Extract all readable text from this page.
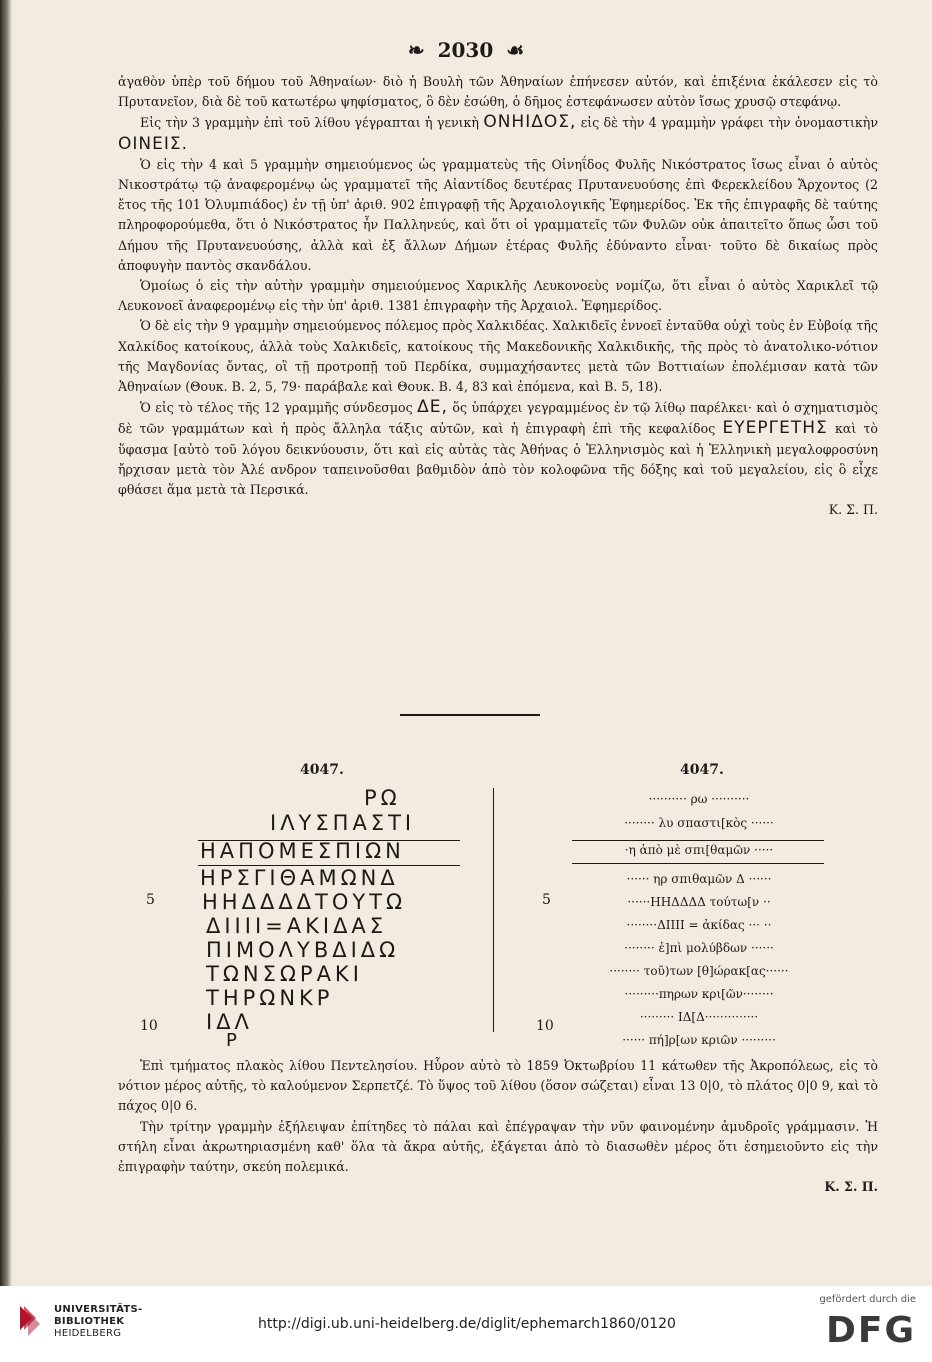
❧ 2030 ☙

ἀγαθὸν ὑπὲρ τοῦ δήμου τοῦ Ἀθηναίων· διὸ ἡ Βουλὴ τῶν Ἀθηναίων ἐπήνεσεν αὐτόν, καὶ ἐπιξένια ἐκάλεσεν εἰς τὸ Πρυτανεῖον, διὰ δὲ τοῦ κατωτέρω ψηφίσματος, ὃ δὲν ἐσώθη, ὁ δῆμος ἐστεφάνωσεν αὐτὸν ἴσως χρυσῷ στεφάνῳ.

Εἰς τὴν 3 γραμμὴν ἐπὶ τοῦ λίθου γέγραπται ἡ γενικὴ ΟΝΗΙΔΟΣ, εἰς δὲ τὴν 4 γραμμὴν γράφει τὴν ὀνομαστικὴν ΟΙΝΕΙΣ.

Ὁ εἰς τὴν 4 καὶ 5 γραμμὴν σημειούμενος ὡς γραμματεὺς τῆς Οἰνηΐδος Φυλῆς Νικόστρατος ἴσως εἶναι ὁ αὐτὸς Νικοστράτῳ τῷ ἀναφερομένῳ ὡς γραμματεῖ τῆς Αἰαντίδος δευτέρας Πρυτανευούσης ἐπὶ Φερεκλείδου Ἄρχοντος (2 ἔτος τῆς 101 Ὀλυμπιάδος) ἐν τῇ ὑπ' ἀριθ. 902 ἐπιγραφῇ τῆς Ἀρχαιολογικῆς Ἐφημερίδος. Ἐκ τῆς ἐπιγραφῆς δὲ ταύτης πληροφορούμεθα, ὅτι ὁ Νικόστρατος ἦν Παλληνεύς, καὶ ὅτι οἱ γραμματεῖς τῶν Φυλῶν οὐκ ἀπαιτεῖτο ὅπως ὦσι τοῦ Δήμου τῆς Πρυτανευούσης, ἀλλὰ καὶ ἐξ ἄλλων Δήμων ἑτέρας Φυλῆς ἐδύναντο εἶναι· τοῦτο δὲ δικαίως πρὸς ἀποφυγὴν παντὸς σκανδάλου.

Ὁμοίως ὁ εἰς τὴν αὐτὴν γραμμὴν σημειούμενος Χαρικλῆς Λευκονοεὺς νομίζω, ὅτι εἶναι ὁ αὐτὸς Χαρικλεῖ τῷ Λευκονοεῖ ἀναφερομένῳ εἰς τὴν ὑπ' ἀριθ. 1381 ἐπιγραφὴν τῆς Ἀρχαιολ. Ἐφημερίδος.

Ὁ δὲ εἰς τὴν 9 γραμμὴν σημειούμενος πόλεμος πρὸς Χαλκιδέας. Χαλκιδεῖς ἐννοεῖ ἐνταῦθα οὐχὶ τοὺς ἐν Εὐβοίᾳ τῆς Χαλκίδος κατοίκους, ἀλλὰ τοὺς Χαλκιδεῖς, κατοίκους τῆς Μακεδονικῆς Χαλκιδικῆς, τῆς πρὸς τὸ ἀνατολικο-νότιον τῆς Μαγδονίας ὄντας, οἳ τῇ προτροπῇ τοῦ Περδίκα, συμμαχήσαντες μετὰ τῶν Βοττιαίων ἐπολέμισαν κατὰ τῶν Ἀθηναίων (Θουκ. Β. 2, 5, 79· παράβαλε καὶ Θουκ. Β. 4, 83 καὶ ἑπόμενα, καὶ Β. 5, 18).

Ὁ εἰς τὸ τέλος τῆς 12 γραμμῆς σύνδεσμος ΔΕ, ὅς ὑπάρχει γεγραμμένος ἐν τῷ λίθῳ παρέλκει· καὶ ὁ σχηματισμὸς δὲ τῶν γραμμάτων καὶ ἡ πρὸς ἄλληλα τάξις αὐτῶν, καὶ ἡ ἐπιγραφὴ ἐπὶ τῆς κεφαλίδος ΕΥΕΡΓΕΤΗΣ καὶ τὸ ὕφασμα [αὐτὸ τοῦ λόγου δεικνύουσιν, ὅτι καὶ εἰς αὐτὰς τὰς Ἀθήνας ὁ Ἑλληνισμὸς καὶ ἡ Ἑλληνικὴ μεγαλοφροσύνη ἤρχισαν μετὰ τὸν Ἀλέ ανδρον ταπεινοῦσθαι βαθμιδὸν ἀπὸ τὸν κολοφῶνα τῆς δόξης καὶ τοῦ μεγαλείου, εἰς ὃ εἶχε φθάσει ἅμα μετὰ τὰ Περσικά.

Κ. Σ. Π.

4047.	4047.
ΡΩ
ΙΛΥΣΠΑΣΤΙ
ΗΑΠΟΜΕΣΠΙΩΝ
ΗΡΣΓΙΘΑΜΩΝΔ
ΗΗΔΔΔΔΤΟΥΤΩ
ΔΙΙΙΙ=ΑΚΙΔΑΣ
ΠΙΜΟΛΥΒΔΙΔΩ
ΤΩΝΣΩΡΑΚΙ
ΤΗΡΩΝΚΡ
ΙΔΛ
Ρ
5
10
5
10
·········· ρω ··········
········ λυ σπαστι[κὸς ······
·η ἀπὸ μὲ σπι[θαμῶν ·····
······ ηρ σπιθαμῶν Δ ······
······ΗΗΔΔΔΔ τούτω[ν ··
········ΔΙΙΙΙ = ἀκίδας ··· ··
········ ἐ]πὶ μολύβδων ······
········ τοῦ)των [θ]ώρακ[ας······
·········πηρων κρι[ῶν········
········· ΙΔ[Δ··············
······ πή]ρ[ων κριῶν ·········

Ἐπὶ τμήματος πλακὸς λίθου Πεντελησίου. Ηὗρον αὐτὸ τὸ 1859 Ὀκτωβρίου 11 κάτωθεν τῆς Ἀκροπόλεως, εἰς τὸ νότιον μέρος αὐτῆς, τὸ καλούμενον Σερπετζέ. Τὸ ὕψος τοῦ λίθου (ὅσον σώζεται) εἶναι 13 0|0, τὸ πλάτος 0|0 9, καὶ τὸ πάχος 0|0 6.

Τὴν τρίτην γραμμὴν ἐξήλειψαν ἐπίτηδες τὸ πάλαι καὶ ἐπέγραψαν τὴν νῦν φαινομένην ἀμυδροῖς γράμμασιν. Ἡ στήλη εἶναι ἀκρωτηριασμένη καθ' ὅλα τὰ ἄκρα αὐτῆς, ἐξάγεται ἀπὸ τὸ διασωθὲν μέρος ὅτι ἐσημειοῦντο εἰς τὴν ἐπιγραφὴν ταύτην, σκεύη πολεμικά.

Κ. Σ. Π.

UNIVERSITÄTS-
BIBLIOTHEK
HEIDELBERG
http://digi.ub.uni-heidelberg.de/diglit/ephemarch1860/0120
gefördert durch die
DFG
